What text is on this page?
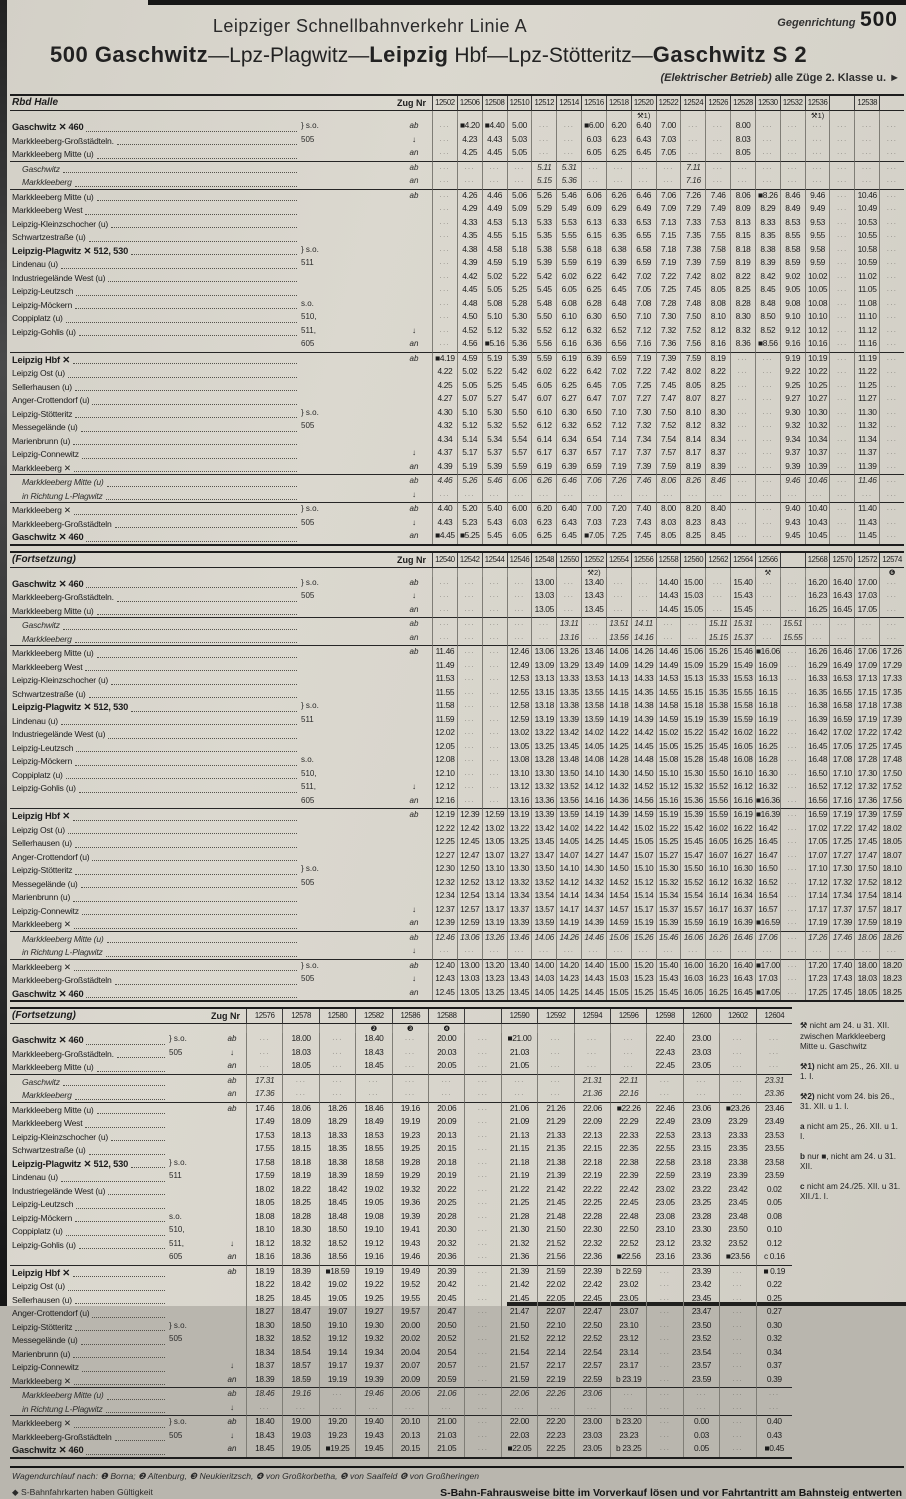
Leipziger Schnellbahnverkehr Linie A	Gegenrichtung 500
500 Gaschwitz—Lpz-Plagwitz—Leipzig Hbf—Lpz-Stötteritz—Gaschwitz S 2
(Elektrischer Betrieb) alle Züge 2. Klasse u. ►
Rbd Halle	Zug Nr	12502 12506 12508 12510 12512 12514 12516 12518 12520 12522 12524 12526 12528 12530 12532 12536	12538
⚒1)	⚒1)
Gaschwitz ✕ 460	} s.o.	ab	···	■4.20 ■4.40 5.00	···	···	■6.00 6.20	6.40	7.00	···	···	8.00	···	···	···	···	···	···
Markkleeberg-Großstädteln.	505	↓	···	4.23	4.43	5.03	···	···	6.03	6.23	6.43	7.03	···	···	8.03	···	···	···	···	···	···
Markkleeberg Mitte (u)	an	···	4.25	4.45	5.05	···	···	6.05	6.25	6.45	7.05	···	···	8.05	···	···	···	···	···	···
Gaschwitz	ab	···	···	···	···	5.11	5.31	···	···	···	···	7.11	···	···	···	···	···	···	···	···
Markkleeberg	an	···	···	···	···	5.15	5.36	···	···	···	···	7.16	···	···	···	···	···	···	···	···
Markkleeberg Mitte (u)	ab	···	4.26	4.46	5.06	5.26	5.46	6.06	6.26	6.46	7.06	7.26	7.46	8.06 ■8.26 8.46	9.46	···	10.46	···
Markkleeberg West	···	4.29	4.49	5.09	5.29	5.49	6.09	6.29	6.49	7.09	7.29	7.49	8.09	8.29	8.49	9.49	···	10.49	···
Leipzig-Kleinzschocher (u)	···	4.33	4.53	5.13	5.33	5.53	6.13	6.33	6.53	7.13	7.33	7.53	8.13	8.33	8.53	9.53	···	10.53	···
Schwartzestraße (u)	···	4.35	4.55	5.15	5.35	5.55	6.15	6.35	6.55	7.15	7.35	7.55	8.15	8.35	8.55	9.55	···	10.55	···
Leipzig-Plagwitz ✕ 512, 530	} s.o.	···	4.38	4.58	5.18	5.38	5.58	6.18	6.38	6.58	7.18	7.38	7.58	8.18	8.38	8.58	9.58	···	10.58	···
Lindenau (u)	511	···	4.39	4.59	5.19	5.39	5.59	6.19	6.39	6.59	7.19	7.39	7.59	8.19	8.39	8.59	9.59	···	10.59	···
Industriegelände West (u)	···	4.42	5.02	5.22	5.42	6.02	6.22	6.42	7.02	7.22	7.42	8.02	8.22	8.42	9.02 10.02	···	11.02	···
Leipzig-Leutzsch	···	4.45	5.05	5.25	5.45	6.05	6.25	6.45	7.05	7.25	7.45	8.05	8.25	8.45	9.05 10.05	···	11.05	···
Leipzig-Möckern	s.o.	···	4.48	5.08	5.28	5.48	6.08	6.28	6.48	7.08	7.28	7.48	8.08	8.28	8.48	9.08 10.08	···	11.08	···
Coppiplatz (u)	510,	···	4.50	5.10	5.30	5.50	6.10	6.30	6.50	7.10	7.30	7.50	8.10	8.30	8.50	9.10 10.10	···	11.10	···
Leipzig-Gohlis (u)	511,	↓	···	4.52	5.12	5.32	5.52	6.12	6.32	6.52	7.12	7.32	7.52	8.12	8.32	8.52	9.12 10.12	···	11.12	···
605	an	···	4.56 ■5.16 5.36	5.56	6.16	6.36	6.56	7.16	7.36	7.56	8.16	8.36 ■8.56 9.16 10.16	···	11.16	···
Leipzig Hbf ✕	ab	■4.19 4.59	5.19	5.39	5.59	6.19	6.39	6.59	7.19	7.39	7.59	8.19	···	···	9.19 10.19	···	11.19	···
Leipzig Ost (u)	4.22	5.02	5.22	5.42	6.02	6.22	6.42	7.02	7.22	7.42	8.02	8.22	···	···	9.22 10.22	···	11.22	···
Sellerhausen (u)	4.25	5.05	5.25	5.45	6.05	6.25	6.45	7.05	7.25	7.45	8.05	8.25	···	···	9.25 10.25	···	11.25	···
Anger-Crottendorf (u)	4.27	5.07	5.27	5.47	6.07	6.27	6.47	7.07	7.27	7.47	8.07	8.27	···	···	9.27 10.27	···	11.27	···
Leipzig-Stötteritz	} s.o.	4.30	5.10	5.30	5.50	6.10	6.30	6.50	7.10	7.30	7.50	8.10	8.30	···	···	9.30 10.30	···	11.30	···
Messegelände (u)	505	4.32	5.12	5.32	5.52	6.12	6.32	6.52	7.12	7.32	7.52	8.12	8.32	···	···	9.32 10.32	···	11.32	···
Marienbrunn (u)	4.34	5.14	5.34	5.54	6.14	6.34	6.54	7.14	7.34	7.54	8.14	8.34	···	···	9.34 10.34	···	11.34	···
Leipzig-Connewitz	↓	4.37	5.17	5.37	5.57	6.17	6.37	6.57	7.17	7.37	7.57	8.17	8.37	···	···	9.37 10.37	···	11.37	···
Markkleeberg ✕	an	4.39	5.19	5.39	5.59	6.19	6.39	6.59	7.19	7.39	7.59	8.19	8.39	···	···	9.39 10.39	···	11.39	···
Markkleeberg Mitte (u)	ab	4.46	5.26	5.46	6.06	6.26	6.46	7.06	7.26	7.46	8.06	8.26	8.46	···	···	9.46 10.46	···	11.46	···
in Richtung L-Plagwitz	↓	···	···	···	···	···	···	···	···	···	···	···	···	···	···	···	···	···	···	···
Markkleeberg ✕	} s.o.	ab	4.40	5.20	5.40	6.00	6.20	6.40	7.00	7.20	7.40	8.00	8.20	8.40	···	···	9.40 10.40	···	11.40	···
Markkleeberg-Großstädteln	505	↓	4.43	5.23	5.43	6.03	6.23	6.43	7.03	7.23	7.43	8.03	8.23	8.43	···	···	9.43 10.43	···	11.43	···
Gaschwitz ✕ 460	an	■4.45 ■5.25 5.45	6.05	6.25	6.45 ■7.05 7.25	7.45	8.05	8.25	8.45	···	···	9.45 10.45	···	11.45	···
(Fortsetzung)	Zug Nr	12540 12542 12544 12546 12548 12550 12552 12554 12556 12558 12560 12562 12564 12566	12568 12570 12572 12574
⚒2)	⚒	❻
Gaschwitz ✕ 460	} s.o.	ab	···	···	···	···	13.00	···	13.40	···	···	14.40 15.00	···	15.40	···	···	16.20 16.40 17.00	···
Markkleeberg-Großstädteln.	505	↓	···	···	···	···	13.03	···	13.43	···	···	14.43 15.03	···	15.43	···	···	16.23 16.43 17.03	···
Markkleeberg Mitte (u)	an	···	···	···	···	13.05	···	13.45	···	···	14.45 15.05	···	15.45	···	···	16.25 16.45 17.05	···
Gaschwitz	ab	···	···	···	···	···	13.11	···	13.51 14.11	···	···	15.11 15.31	···	15.51	···	···	···	···
Markkleeberg	an	···	···	···	···	···	13.16	···	13.56 14.16	···	···	15.15 15.37	···	15.55	···	···	···	···
Markkleeberg Mitte (u)	ab	11.46	···	···	12.46 13.06 13.26 13.46 14.06 14.26 14.46 15.06 15.26 15.46 ■16.06	···	16.26 16.46 17.06 17.26
Markkleeberg West	11.49	···	···	12.49 13.09 13.29 13.49 14.09 14.29 14.49 15.09 15.29 15.49 16.09	···	16.29 16.49 17.09 17.29
Leipzig-Kleinzschocher (u)	11.53	···	···	12.53 13.13 13.33 13.53 14.13 14.33 14.53 15.13 15.33 15.53 16.13	···	16.33 16.53 17.13 17.33
Schwartzestraße (u)	11.55	···	···	12.55 13.15 13.35 13.55 14.15 14.35 14.55 15.15 15.35 15.55 16.15	···	16.35 16.55 17.15 17.35
Leipzig-Plagwitz ✕ 512, 530	} s.o.	11.58	···	···	12.58 13.18 13.38 13.58 14.18 14.38 14.58 15.18 15.38 15.58 16.18	···	16.38 16.58 17.18 17.38
Lindenau (u)	511	11.59	···	···	12.59 13.19 13.39 13.59 14.19 14.39 14.59 15.19 15.39 15.59 16.19	···	16.39 16.59 17.19 17.39
Industriegelände West (u)	12.02	···	···	13.02 13.22 13.42 14.02 14.22 14.42 15.02 15.22 15.42 16.02 16.22	···	16.42 17.02 17.22 17.42
Leipzig-Leutzsch	12.05	···	···	13.05 13.25 13.45 14.05 14.25 14.45 15.05 15.25 15.45 16.05 16.25	···	16.45 17.05 17.25 17.45
Leipzig-Möckern	s.o.	12.08	···	···	13.08 13.28 13.48 14.08 14.28 14.48 15.08 15.28 15.48 16.08 16.28	···	16.48 17.08 17.28 17.48
Coppiplatz (u)	510,	12.10	···	···	13.10 13.30 13.50 14.10 14.30 14.50 15.10 15.30 15.50 16.10 16.30	···	16.50 17.10 17.30 17.50
Leipzig-Gohlis (u)	511,	↓	12.12	···	···	13.12 13.32 13.52 14.12 14.32 14.52 15.12 15.32 15.52 16.12 16.32	···	16.52 17.12 17.32 17.52
605	an	12.16	···	···	13.16 13.36 13.56 14.16 14.36 14.56 15.16 15.36 15.56 16.16 ■16.36	···	16.56 17.16 17.36 17.56
Leipzig Hbf ✕	ab	12.19 12.39 12.59 13.19 13.39 13.59 14.19 14.39 14.59 15.19 15.39 15.59 16.19 ■16.39	···	16.59 17.19 17.39 17.59
Leipzig Ost (u)	12.22 12.42 13.02 13.22 13.42 14.02 14.22 14.42 15.02 15.22 15.42 16.02 16.22 16.42	···	17.02 17.22 17.42 18.02
Sellerhausen (u)	12.25 12.45 13.05 13.25 13.45 14.05 14.25 14.45 15.05 15.25 15.45 16.05 16.25 16.45	···	17.05 17.25 17.45 18.05
Anger-Crottendorf (u)	12.27 12.47 13.07 13.27 13.47 14.07 14.27 14.47 15.07 15.27 15.47 16.07 16.27 16.47	···	17.07 17.27 17.47 18.07
Leipzig-Stötteritz	} s.o.	12.30 12.50 13.10 13.30 13.50 14.10 14.30 14.50 15.10 15.30 15.50 16.10 16.30 16.50	···	17.10 17.30 17.50 18.10
Messegelände (u)	505	12.32 12.52 13.12 13.32 13.52 14.12 14.32 14.52 15.12 15.32 15.52 16.12 16.32 16.52	···	17.12 17.32 17.52 18.12
Marienbrunn (u)	12.34 12.54 13.14 13.34 13.54 14.14 14.34 14.54 15.14 15.34 15.54 16.14 16.34 16.54	···	17.14 17.34 17.54 18.14
Leipzig-Connewitz	↓	12.37 12.57 13.17 13.37 13.57 14.17 14.37 14.57 15.17 15.37 15.57 16.17 16.37 16.57	···	17.17 17.37 17.57 18.17
Markkleeberg ✕	an	12.39 12.59 13.19 13.39 13.59 14.19 14.39 14.59 15.19 15.39 15.59 16.19 16.39 ■16.59	···	17.19 17.39 17.59 18.19
Markkleeberg Mitte (u)	ab	12.46 13.06 13.26 13.46 14.06 14.26 14.46 15.06 15.26 15.46 16.06 16.26 16.46 17.06	···	17.26 17.46 18.06 18.26
in Richtung L-Plagwitz	↓	···	···	···	···	···	···	···	···	···	···	···	···	···	···	···	···	···	···	···
Markkleeberg ✕	} s.o.	ab	12.40 13.00 13.20 13.40 14.00 14.20 14.40 15.00 15.20 15.40 16.00 16.20 16.40 ■17.00	···	17.20 17.40 18.00 18.20
Markkleeberg-Großstädteln	505	↓	12.43 13.03 13.23 13.43 14.03 14.23 14.43 15.03 15.23 15.43 16.03 16.23 16.43 17.03	···	17.23 17.43 18.03 18.23
Gaschwitz ✕ 460	an	12.45 13.05 13.25 13.45 14.05 14.25 14.45 15.05 15.25 15.45 16.05 16.25 16.45 ■17.05	···	17.25 17.45 18.05 18.25
(Fortsetzung)	Zug Nr	12576	12578	12580	12582	12586	12588	12590	12592	12594	12596	12598	12600	12602	12604
❷	❸	❹
Gaschwitz ✕ 460	} s.o.	ab	···	18.00	···	18.40	···	20.00	···	■21.00	···	···	···	22.40	23.00	···	···
Markkleeberg-Großstädteln.	505	↓	···	18.03	···	18.43	···	20.03	···	21.03	···	···	···	22.43	23.03	···	···
Markkleeberg Mitte (u)	an	···	18.05	···	18.45	···	20.05	···	21.05	···	···	···	22.45	23.05	···	···
Gaschwitz	ab	17.31	···	···	···	···	···	···	···	···	21.31	22.11	···	···	···	23.31
Markkleeberg	an	17.36	···	···	···	···	···	···	···	···	21.36	22.16	···	···	···	23.36
Markkleeberg Mitte (u)	ab	17.46	18.06	18.26	18.46	19.16	20.06	···	21.06	21.26	22.06	■22.26	22.46	23.06	■23.26	23.46
Markkleeberg West	17.49	18.09	18.29	18.49	19.19	20.09	···	21.09	21.29	22.09	22.29	22.49	23.09	23.29	23.49
Leipzig-Kleinzschocher (u)	17.53	18.13	18.33	18.53	19.23	20.13	···	21.13	21.33	22.13	22.33	22.53	23.13	23.33	23.53
Schwartzestraße (u)	17.55	18.15	18.35	18.55	19.25	20.15	···	21.15	21.35	22.15	22.35	22.55	23.15	23.35	23.55
Leipzig-Plagwitz ✕ 512, 530	} s.o.	17.58	18.18	18.38	18.58	19.28	20.18	···	21.18	21.38	22.18	22.38	22.58	23.18	23.38	23.58
Lindenau (u)	511	17.59	18.19	18.39	18.59	19.29	20.19	···	21.19	21.39	22.19	22.39	22.59	23.19	23.39	23.59
Industriegelände West (u)	18.02	18.22	18.42	19.02	19.32	20.22	···	21.22	21.42	22.22	22.42	23.02	23.22	23.42	0.02
Leipzig-Leutzsch	18.05	18.25	18.45	19.05	19.36	20.25	···	21.25	21.45	22.25	22.45	23.05	23.25	23.45	0.05
Leipzig-Möckern	s.o.	18.08	18.28	18.48	19.08	19.39	20.28	···	21.28	21.48	22.28	22.48	23.08	23.28	23.48	0.08
Coppiplatz (u)	510,	18.10	18.30	18.50	19.10	19.41	20.30	···	21.30	21.50	22.30	22.50	23.10	23.30	23.50	0.10
Leipzig-Gohlis (u)	511,	↓	18.12	18.32	18.52	19.12	19.43	20.32	···	21.32	21.52	22.32	22.52	23.12	23.32	23.52	0.12
605	an	18.16	18.36	18.56	19.16	19.46	20.36	···	21.36	21.56	22.36	■22.56	23.16	23.36	■23.56	c 0.16
Leipzig Hbf ✕	ab	18.19	18.39	■18.59	19.19	19.49	20.39	···	21.39	21.59	22.39	b 22.59	···	23.39	···	■ 0.19
Leipzig Ost (u)	18.22	18.42	19.02	19.22	19.52	20.42	···	21.42	22.02	22.42	23.02	···	23.42	···	0.22
Sellerhausen (u)	18.25	18.45	19.05	19.25	19.55	20.45	···	21.45	22.05	22.45	23.05	···	23.45	···	0.25
Anger-Crottendorf (u)	18.27	18.47	19.07	19.27	19.57	20.47	···	21.47	22.07	22.47	23.07	···	23.47	···	0.27
Leipzig-Stötteritz	} s.o.	18.30	18.50	19.10	19.30	20.00	20.50	···	21.50	22.10	22.50	23.10	···	23.50	···	0.30
Messegelände (u)	505	18.32	18.52	19.12	19.32	20.02	20.52	···	21.52	22.12	22.52	23.12	···	23.52	···	0.32
Marienbrunn (u)	18.34	18.54	19.14	19.34	20.04	20.54	···	21.54	22.14	22.54	23.14	···	23.54	···	0.34
Leipzig-Connewitz	↓	18.37	18.57	19.17	19.37	20.07	20.57	···	21.57	22.17	22.57	23.17	···	23.57	···	0.37
Markkleeberg ✕	an	18.39	18.59	19.19	19.39	20.09	20.59	···	21.59	22.19	22.59	b 23.19	···	23.59	···	0.39
Markkleeberg Mitte (u)	ab	18.46	19.16	···	19.46	20.06	21.06	···	22.06	22.26	23.06	···	···	···	···	···
in Richtung L-Plagwitz	↓	···	···	···	···	···	···	···	···	···	···	···	···	···	···	···
Markkleeberg ✕	} s.o.	ab	18.40	19.00	19.20	19.40	20.10	21.00	···	22.00	22.20	23.00	b 23.20	···	0.00	···	0.40
Markkleeberg-Großstädteln	505	↓	18.43	19.03	19.23	19.43	20.13	21.03	···	22.03	22.23	23.03	23.23	···	0.03	···	0.43
Gaschwitz ✕ 460	an	18.45	19.05	■19.25	19.45	20.15	21.05	···	■22.05	22.25	23.05	b 23.25	···	0.05	···	■0.45
⚒ nicht am 24. u 31. XII. zwischen Markkleeberg Mitte u. Gaschwitz
⚒1) nicht am 25., 26. XII. u 1. I.
⚒2) nicht vom 24. bis 26., 31. XII. u 1. I.
a nicht am 25., 26. XII. u 1. I.
b nur ■, nicht am 24. u 31. XII.
c nicht am 24./25. XII. u 31. XII./1. I.
Wagendurchlauf nach: ❶ Borna; ❷ Altenburg, ❸ Neukieritzsch, ❹ von Großkorbetha, ❺ von Saalfeld ❻ von Großheringen
◆ S-Bahnfahrkarten haben Gültigkeit	S-Bahn-Fahrausweise bitte im Vorverkauf lösen und vor Fahrtantritt am Bahnsteig entwerten
